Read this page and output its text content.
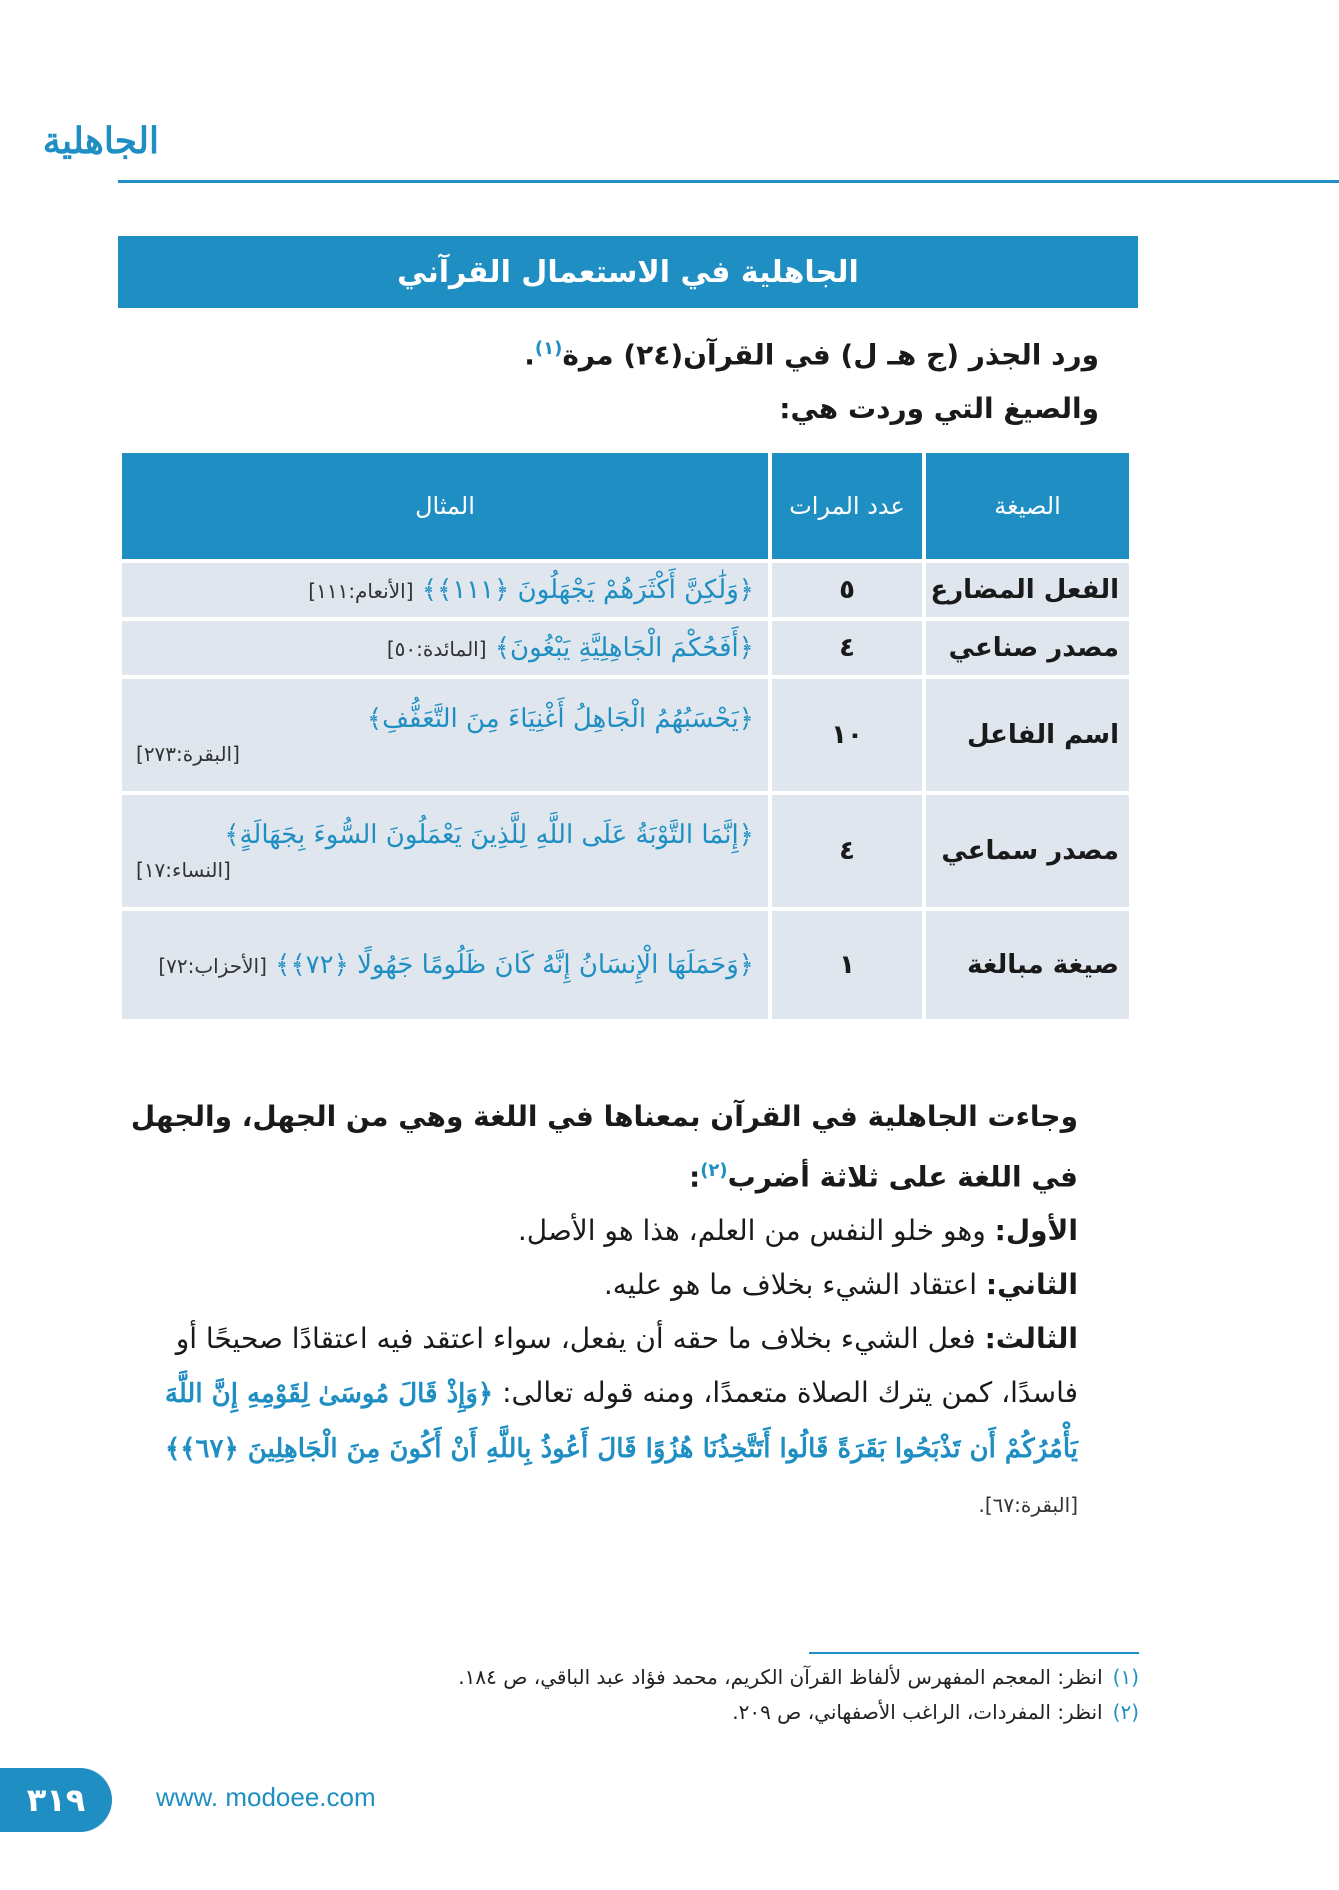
الجاهلية
الجاهلية في الاستعمال القرآني
ورد الجذر (ج هـ ل) في القرآن(٢٤) مرة$^{(١)}$.
والصيغ التي وردت هي:
الصيغة	عدد المرات	المثال
الفعل المضارع	٥	﴿وَلَٰكِنَّ أَكْثَرَهُمْ يَجْهَلُونَ ﴿١١١﴾﴾ [الأنعام:١١١]
مصدر صناعي	٤	﴿أَفَحُكْمَ الْجَاهِلِيَّةِ يَبْغُونَ﴾ [المائدة:٥٠]
اسم الفاعل	١٠	﴿يَحْسَبُهُمُ الْجَاهِلُ أَغْنِيَاءَ مِنَ التَّعَفُّفِ﴾
[البقرة:٢٧٣]

مصدر سماعي	٤	﴿إِنَّمَا التَّوْبَةُ عَلَى اللَّهِ لِلَّذِينَ يَعْمَلُونَ السُّوءَ بِجَهَالَةٍ﴾
[النساء:١٧]

صيغة مبالغة	١	﴿وَحَمَلَهَا الْإِنسَانُ إِنَّهُ كَانَ ظَلُومًا جَهُولًا ﴿٧٢﴾﴾ [الأحزاب:٧٢]

وجاءت الجاهلية في القرآن بمعناها في اللغة وهي من الجهل، والجهل في اللغة على ثلاثة أضرب$^{(٢)}$:

الأول: وهو خلو النفس من العلم، هذا هو الأصل.

الثاني: اعتقاد الشيء بخلاف ما هو عليه.

الثالث: فعل الشيء بخلاف ما حقه أن يفعل، سواء اعتقد فيه اعتقادًا صحيحًا أو فاسدًا، كمن يترك الصلاة متعمدًا، ومنه قوله تعالى: ﴿وَإِذْ قَالَ مُوسَىٰ لِقَوْمِهِ إِنَّ اللَّهَ يَأْمُرُكُمْ أَن تَذْبَحُوا بَقَرَةً قَالُوا أَتَتَّخِذُنَا هُزُوًا قَالَ أَعُوذُ بِاللَّهِ أَنْ أَكُونَ مِنَ الْجَاهِلِينَ ﴿٦٧﴾﴾[البقرة:٦٧].

(١)انظر: المعجم المفهرس لألفاظ القرآن الكريم، محمد فؤاد عبد الباقي، ص ١٨٤.
(٢)انظر: المفردات، الراغب الأصفهاني، ص ٢٠٩.
٣١٩	www. modoee.com
